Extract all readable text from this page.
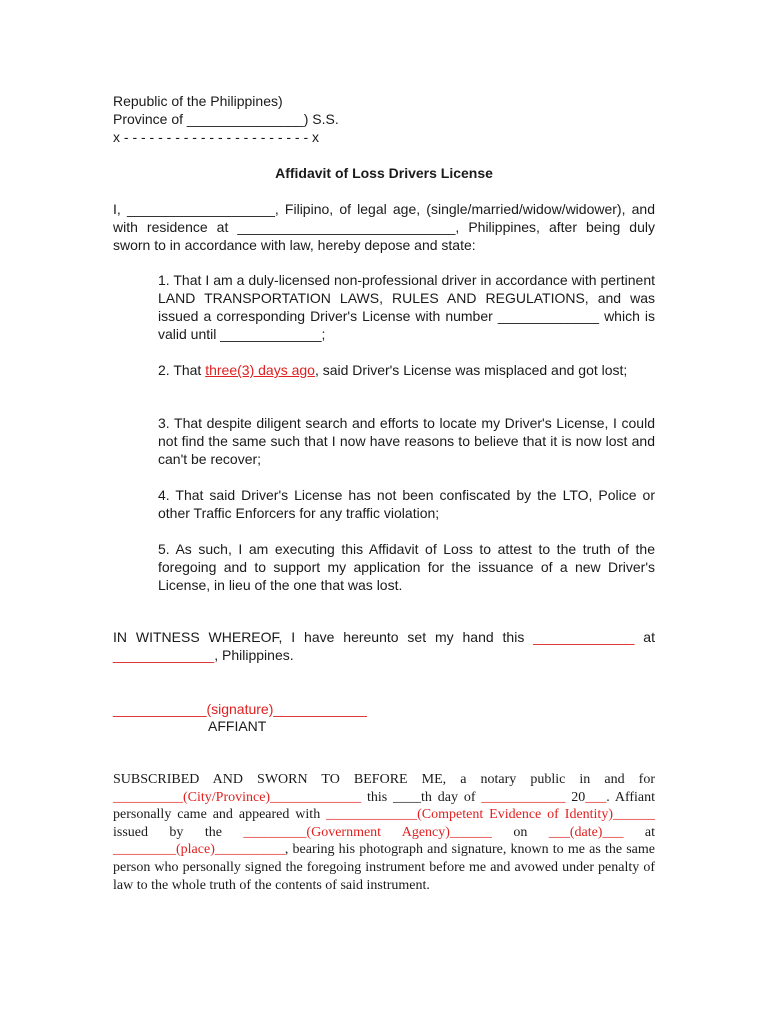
Republic of the Philippines)
Province of _______________) S.S.
x - - - - - - - - - - - - - - - - - - - - - - x
Affidavit of Loss Drivers License

I, ___________________, Filipino, of legal age, (single/married/widow/widower), and with residence at ____________________________, Philippines, after being duly sworn to in accordance with law, hereby depose and state:

1. That I am a duly-licensed non-professional driver in accordance with pertinent LAND TRANSPORTATION LAWS, RULES AND REGULATIONS, and was issued a corresponding Driver's License with number _____________ which is valid until _____________;

2. That three(3) days ago, said Driver's License was misplaced and got lost;

3. That despite diligent search and efforts to locate my Driver's License, I could not find the same such that I now have reasons to believe that it is now lost and can't be recover;

4. That said Driver's License has not been confiscated by the LTO, Police or other Traffic Enforcers for any traffic violation;

5. As such, I am executing this Affidavit of Loss to attest to the truth of the foregoing and to support my application for the issuance of a new Driver's License, in lieu of the one that was lost.

IN WITNESS WHEREOF, I have hereunto set my hand this _____________ at _____________, Philippines.

____________(signature)____________
AFFIANT

SUBSCRIBED AND SWORN TO BEFORE ME, a notary public in and for __________(City/Province)_____________ this ____th day of ____________ 20___. Affiant personally came and appeared with _____________(Competent Evidence of Identity)______ issued by the _________(Government Agency)______ on ___(date)___ at _________(place)__________, bearing his photograph and signature, known to me as the same person who personally signed the foregoing instrument before me and avowed under penalty of law to the whole truth of the contents of said instrument.
